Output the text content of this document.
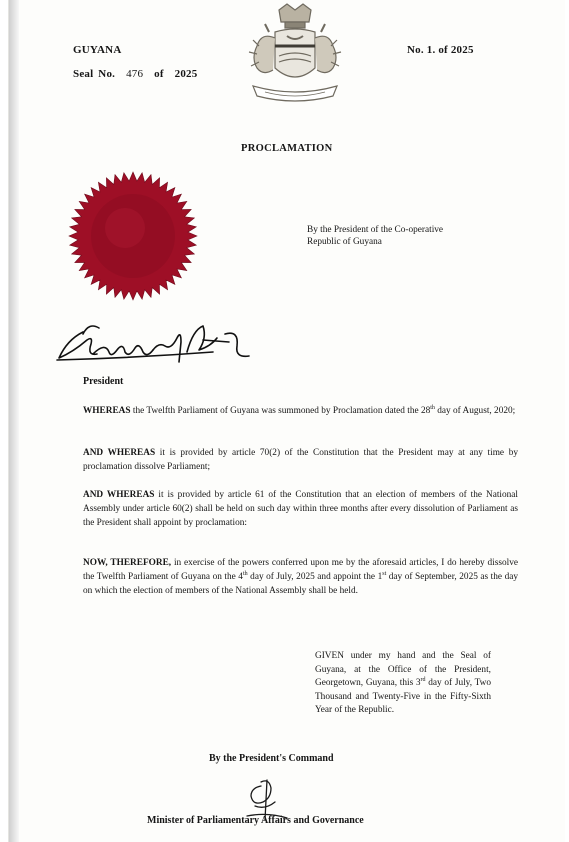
GUYANA
Seal No. 476 of 2025
No. 1. of 2025
PROCLAMATION
By the President of the Co-operative
Republic of Guyana
President

WHEREAS the Twelfth Parliament of Guyana was summoned by Proclamation dated the 28th day of August, 2020;

AND WHEREAS it is provided by article 70(2) of the Constitution that the President may at any time by proclamation dissolve Parliament;

AND WHEREAS it is provided by article 61 of the Constitution that an election of members of the National Assembly under article 60(2) shall be held on such day within three months after every dissolution of Parliament as the President shall appoint by proclamation:

NOW, THEREFORE, in exercise of the powers conferred upon me by the aforesaid articles, I do hereby dissolve the Twelfth Parliament of Guyana on the 4th day of July, 2025 and appoint the 1st day of September, 2025 as the day on which the election of members of the National Assembly shall be held.

GIVEN under my hand and the Seal of Guyana, at the Office of the President, Georgetown, Guyana, this 3rd day of July, Two Thousand and Twenty-Five in the Fifty-Sixth Year of the Republic.

By the President's Command
Minister of Parliamentary Affairs and Governance
